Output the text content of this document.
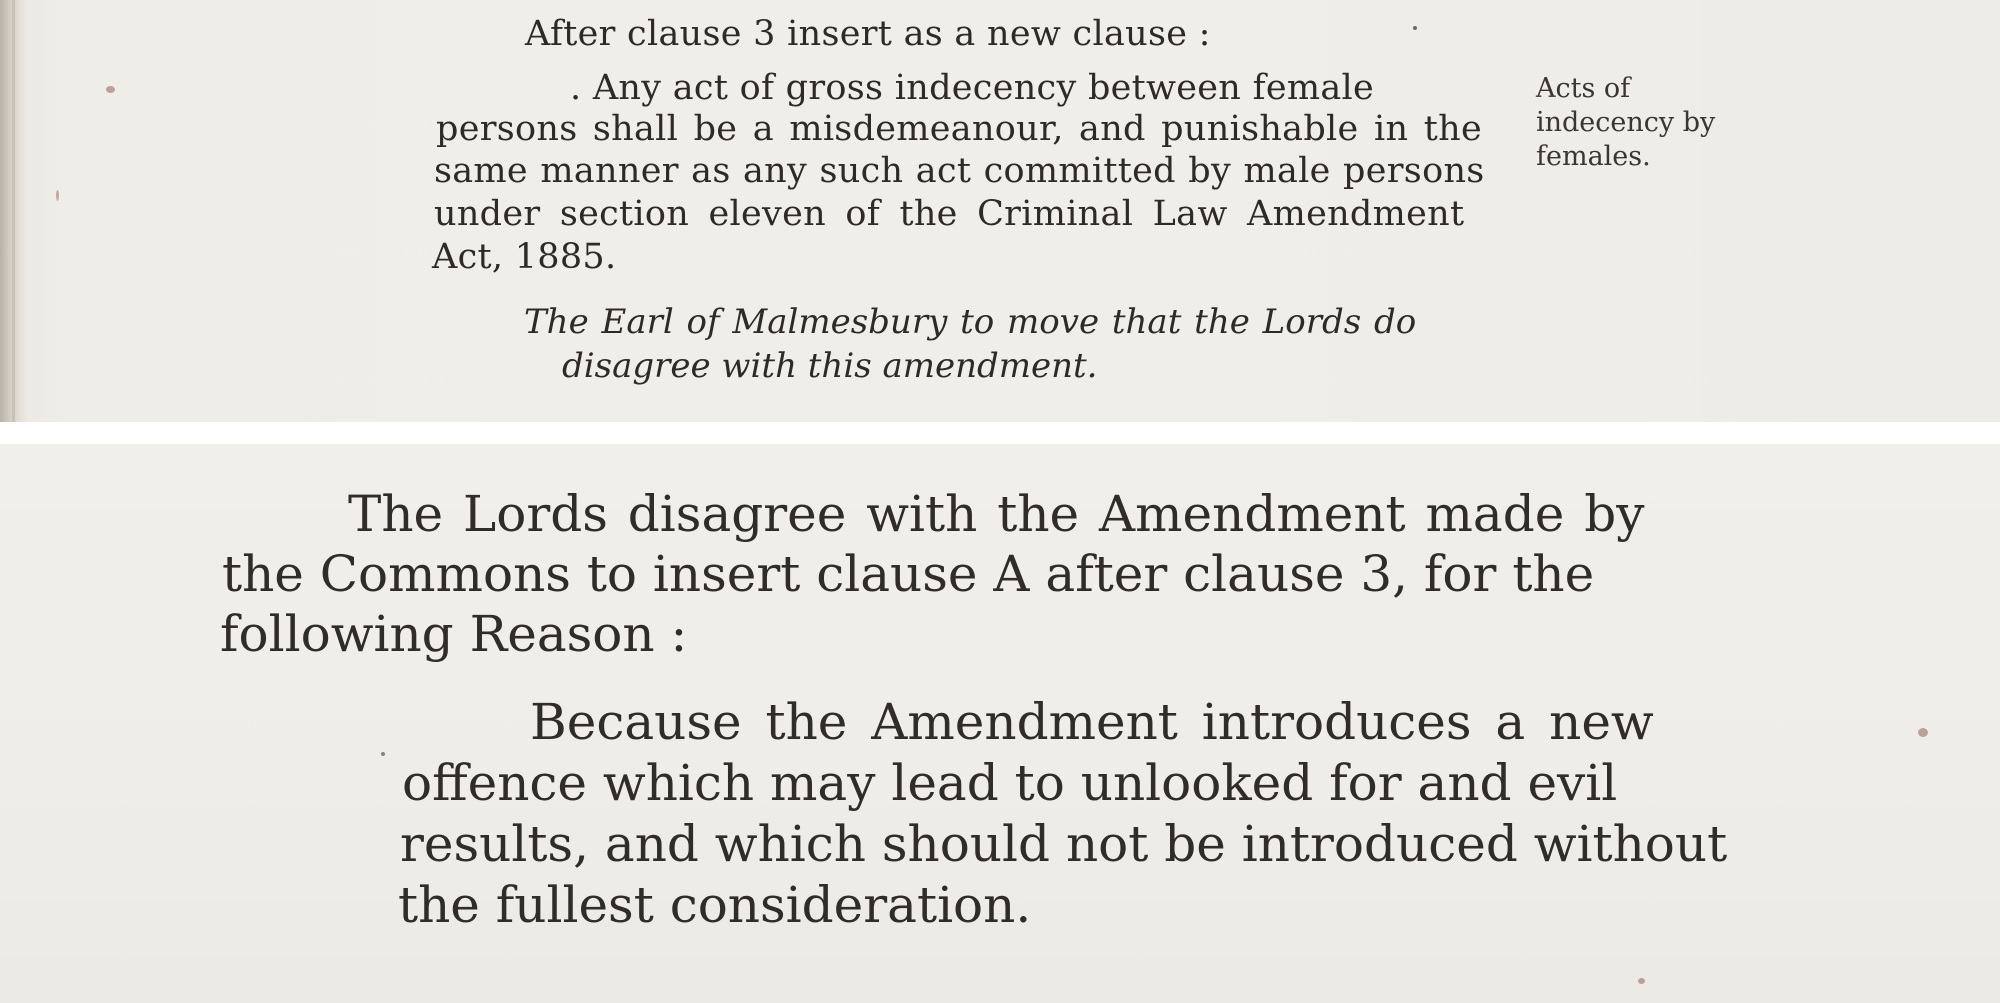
After clause 3 insert as a new clause :

. Any act of gross indecency between female
persons shall be a misdemeanour, and punishable in the
same manner as any such act committed by male persons
under section eleven of the Criminal Law Amendment
Act, 1885.
Acts of
indecency by
females.
The Earl of Malmesbury to move that the Lords do
disagree with this amendment.
The Lords disagree with the Amendment made by
the Commons to insert clause A after clause 3, for the
following Reason :
Because the Amendment introduces a new
offence which may lead to unlooked for and evil
results, and which should not be introduced without
the fullest consideration.
